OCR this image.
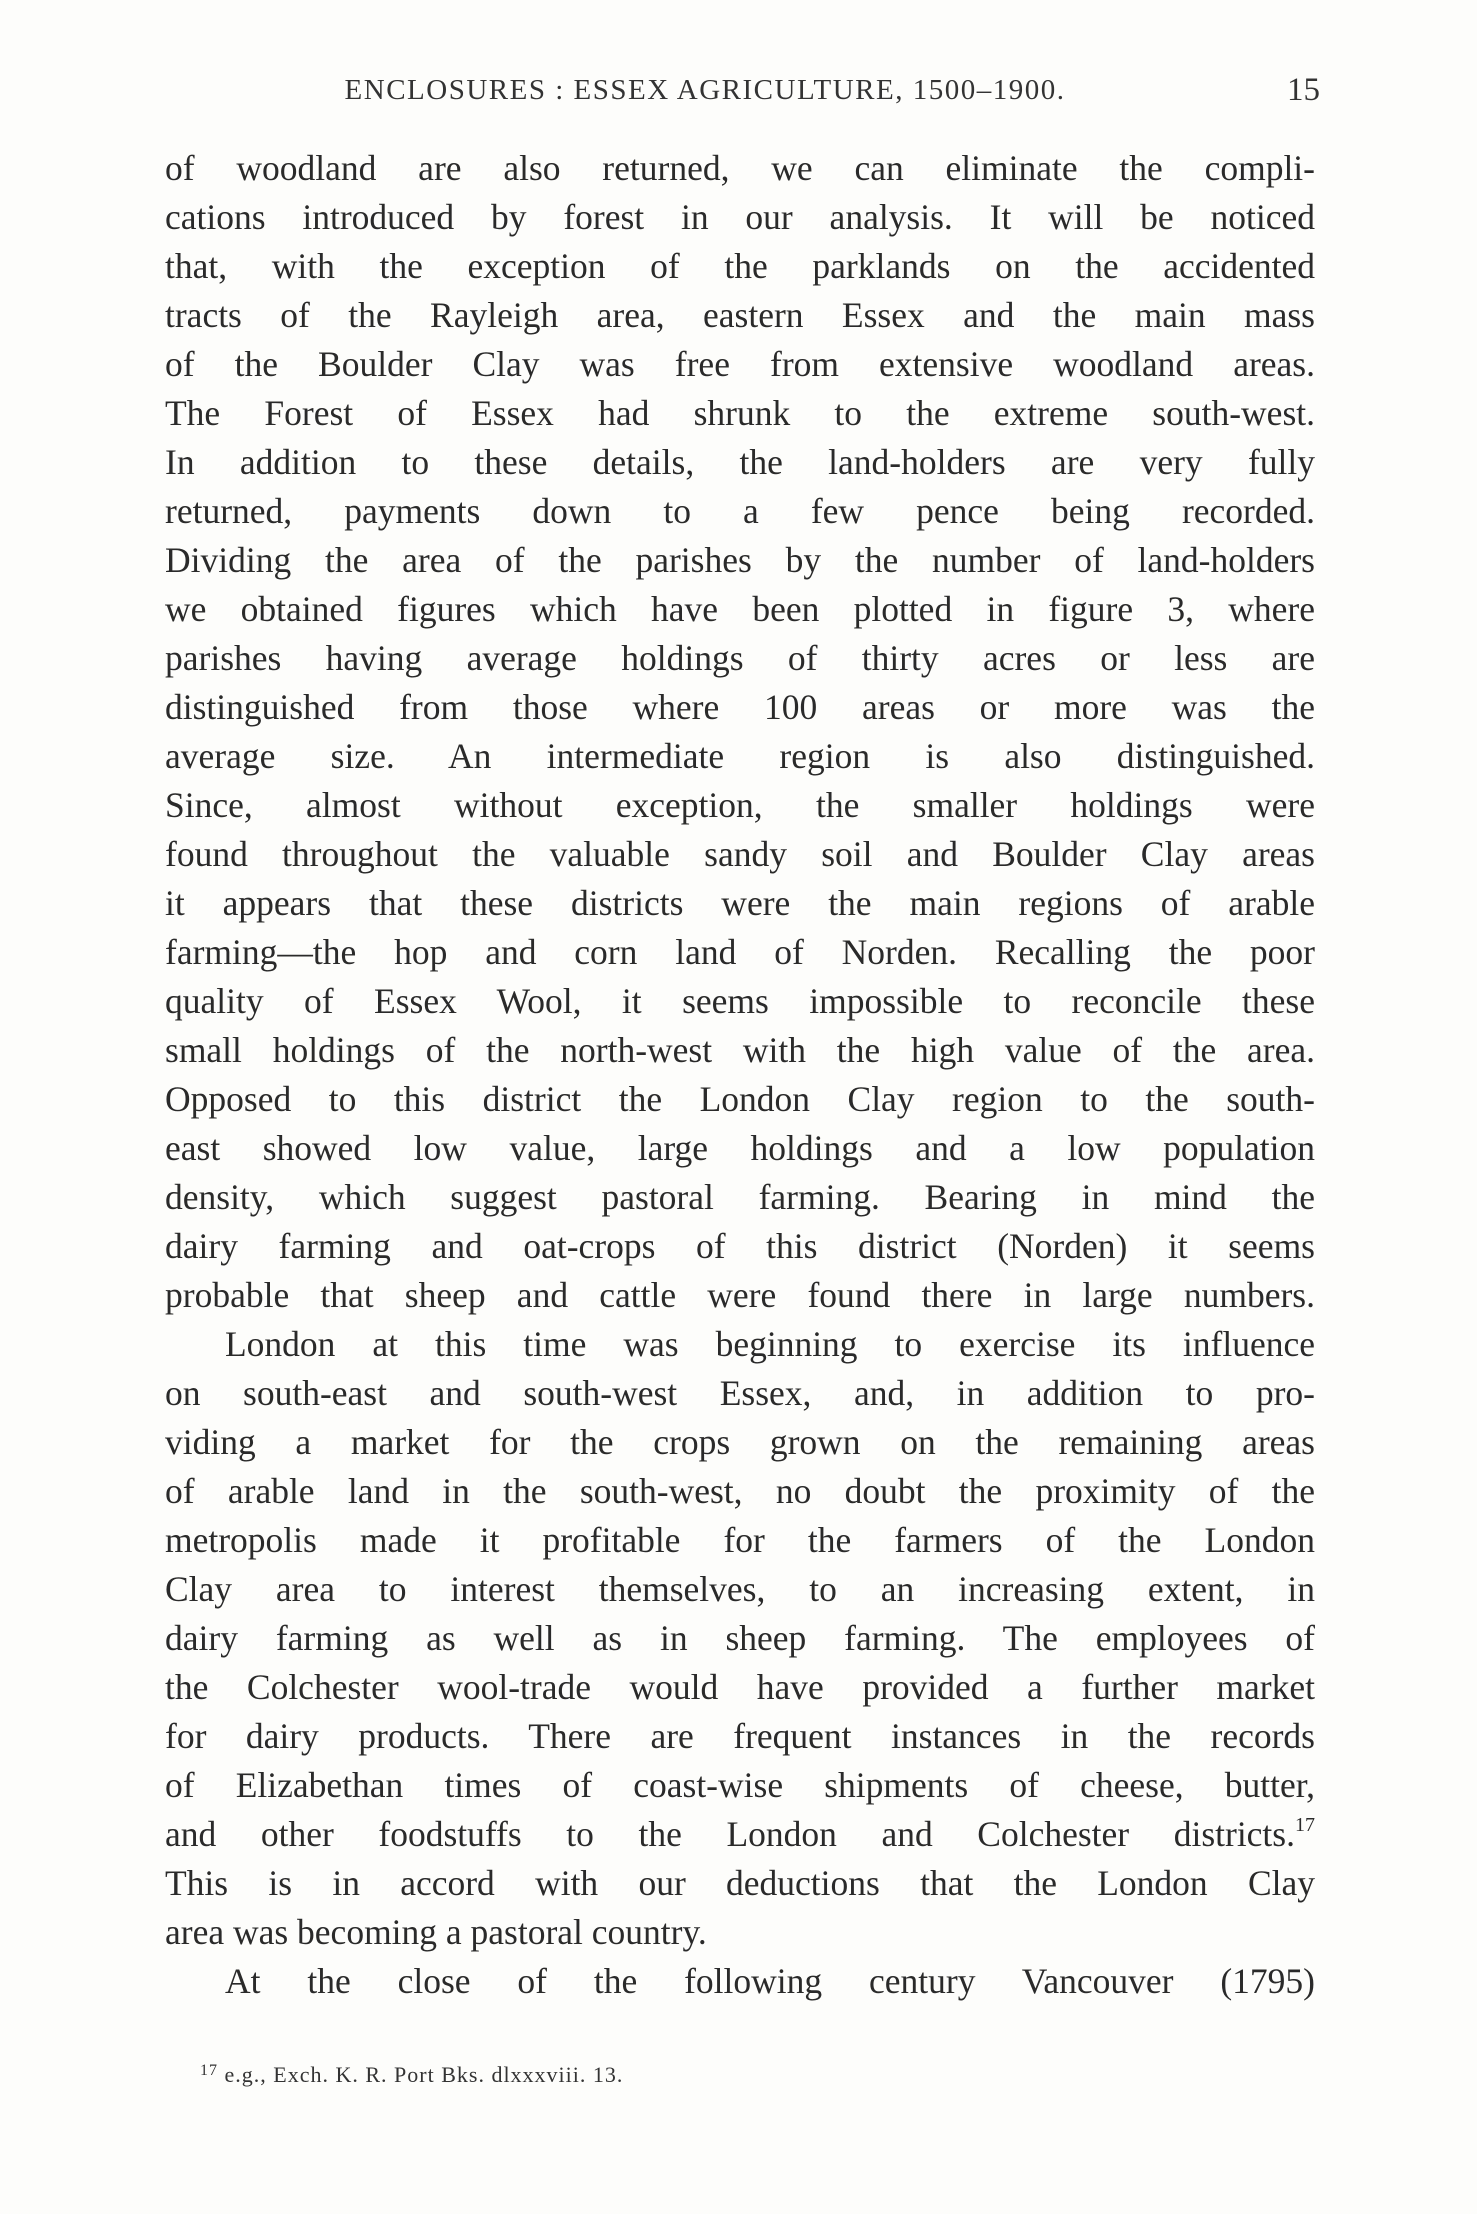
ENCLOSURES : ESSEX AGRICULTURE, 1500–1900.	15
of woodland are also returned, we can eliminate the compli-
cations introduced by forest in our analysis. It will be noticed
that, with the exception of the parklands on the accidented
tracts of the Rayleigh area, eastern Essex and the main mass
of the Boulder Clay was free from extensive woodland areas.
The Forest of Essex had shrunk to the extreme south-west.
In addition to these details, the land-holders are very fully
returned, payments down to a few pence being recorded.
Dividing the area of the parishes by the number of land-holders
we obtained figures which have been plotted in figure 3, where
parishes having average holdings of thirty acres or less are
distinguished from those where 100 areas or more was the
average size. An intermediate region is also distinguished.
Since, almost without exception, the smaller holdings were
found throughout the valuable sandy soil and Boulder Clay areas
it appears that these districts were the main regions of arable
farming—the hop and corn land of Norden. Recalling the poor
quality of Essex Wool, it seems impossible to reconcile these
small holdings of the north-west with the high value of the area.
Opposed to this district the London Clay region to the south-
east showed low value, large holdings and a low population
density, which suggest pastoral farming. Bearing in mind the
dairy farming and oat-crops of this district (Norden) it seems
probable that sheep and cattle were found there in large numbers.
London at this time was beginning to exercise its influence
on south-east and south-west Essex, and, in addition to pro-
viding a market for the crops grown on the remaining areas
of arable land in the south-west, no doubt the proximity of the
metropolis made it profitable for the farmers of the London
Clay area to interest themselves, to an increasing extent, in
dairy farming as well as in sheep farming. The employees of
the Colchester wool-trade would have provided a further market
for dairy products. There are frequent instances in the records
of Elizabethan times of coast-wise shipments of cheese, butter,
and other foodstuffs to the London and Colchester districts.$^{17}$
This is in accord with our deductions that the London Clay
area was becoming a pastoral country.
At the close of the following century Vancouver (1795)
$^{17}$ e.g., Exch. K. R. Port Bks. dlxxxviii. 13.
